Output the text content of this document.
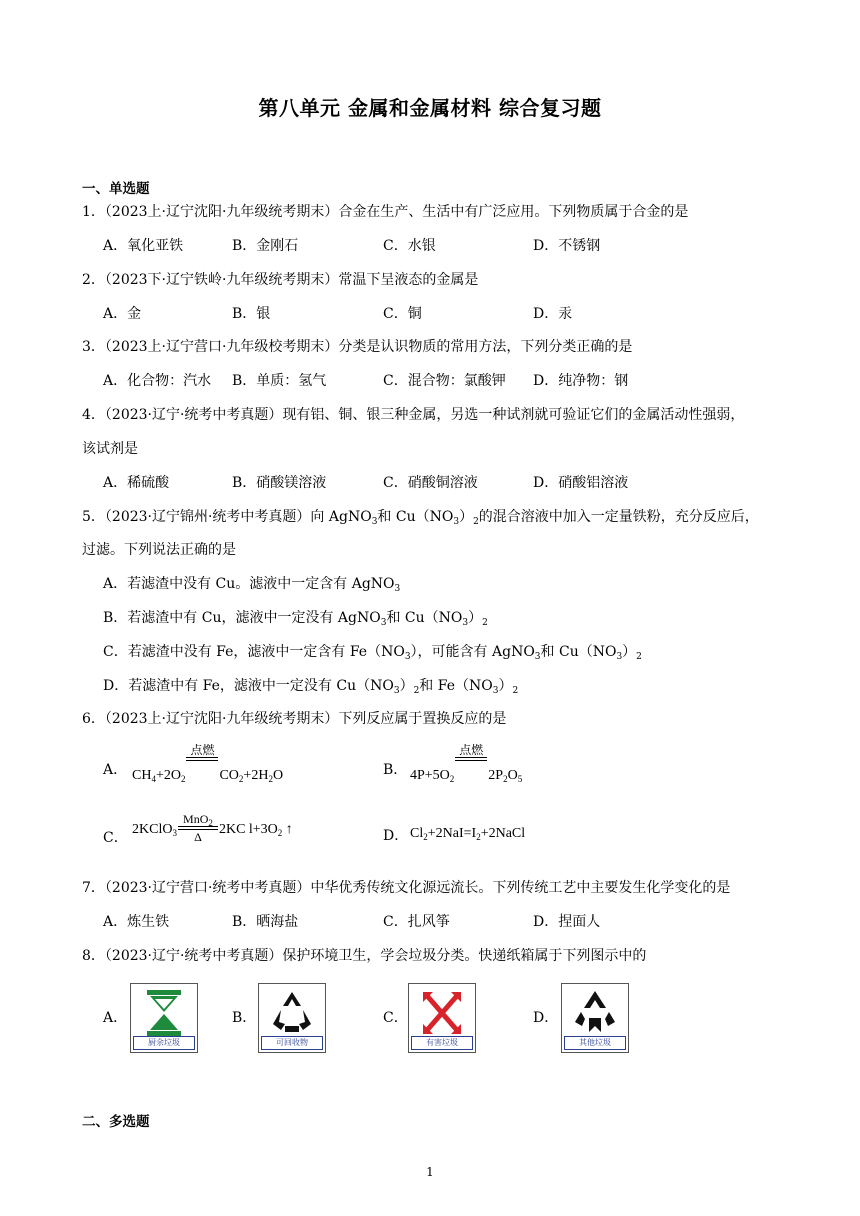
第八单元 金属和金属材料 综合复习题
一、单选题
1．（2023上·辽宁沈阳·九年级统考期末）合金在生产、生活中有广泛应用。下列物质属于合金的是
A．氧化亚铁	B．金刚石	C．水银	D．不锈钢
2．（2023下·辽宁铁岭·九年级统考期末）常温下呈液态的金属是
A．金	B．银	C．铜	D．汞
3．（2023上·辽宁营口·九年级校考期末）分类是认识物质的常用方法，下列分类正确的是
A．化合物：汽水 B．单质：氢气	C．混合物：氯酸钾 D．纯净物：钢
4．（2023·辽宁·统考中考真题）现有铝、铜、银三种金属，另选一种试剂就可验证它们的金属活动性强弱，
该试剂是
A．稀硫酸	B．硝酸镁溶液	C．硝酸铜溶液	D．硝酸铝溶液
5．（2023·辽宁锦州·统考中考真题）向 AgNO$_3$和 $Cu(NO_3)_2$的混合溶液中加入一定量铁粉，充分反应后，
过滤。下列说法正确的是
A．若滤渣中没有 Cu。滤液中一定含有 AgNO$_3$
B．若滤渣中有 Cu，滤液中一定没有 AgNO$_3$和 $Cu(NO_3)_2$
C．若滤渣中没有 Fe，滤液中一定含有 $Fe(NO_3)$，可能含有 AgNO$_3$和 $Cu(NO_3)_2$
D．若滤渣中有 Fe，滤液中一定没有 $Cu(NO_3)_2$和 $Fe(NO_3)_2$
6．（2023上·辽宁沈阳·九年级统考期末）下列反应属于置换反应的是
A． $CH_4+2O_2$
点燃
$CO_2+2H_2O$	B． $4P+5O_2$
点燃
$2P_2O_5$
C．
2KClO$_3$
MnO$_2$
Δ	2KC $l+3O_2$ ↑	D． $Cl_2+2NaI=I_2+2NaCl$
7．（2023·辽宁营口·统考中考真题）中华优秀传统文化源远流长。下列传统工艺中主要发生化学变化的是
A．炼生铁	B．晒海盐	C．扎风筝	D．捏面人
8．（2023·辽宁·统考中考真题）保护环境卫生，学会垃圾分类。快递纸箱属于下列图示中的
A．
厨余垃圾
B．
可回收物
C．
有害垃圾
D．
其他垃圾
二、多选题
1
